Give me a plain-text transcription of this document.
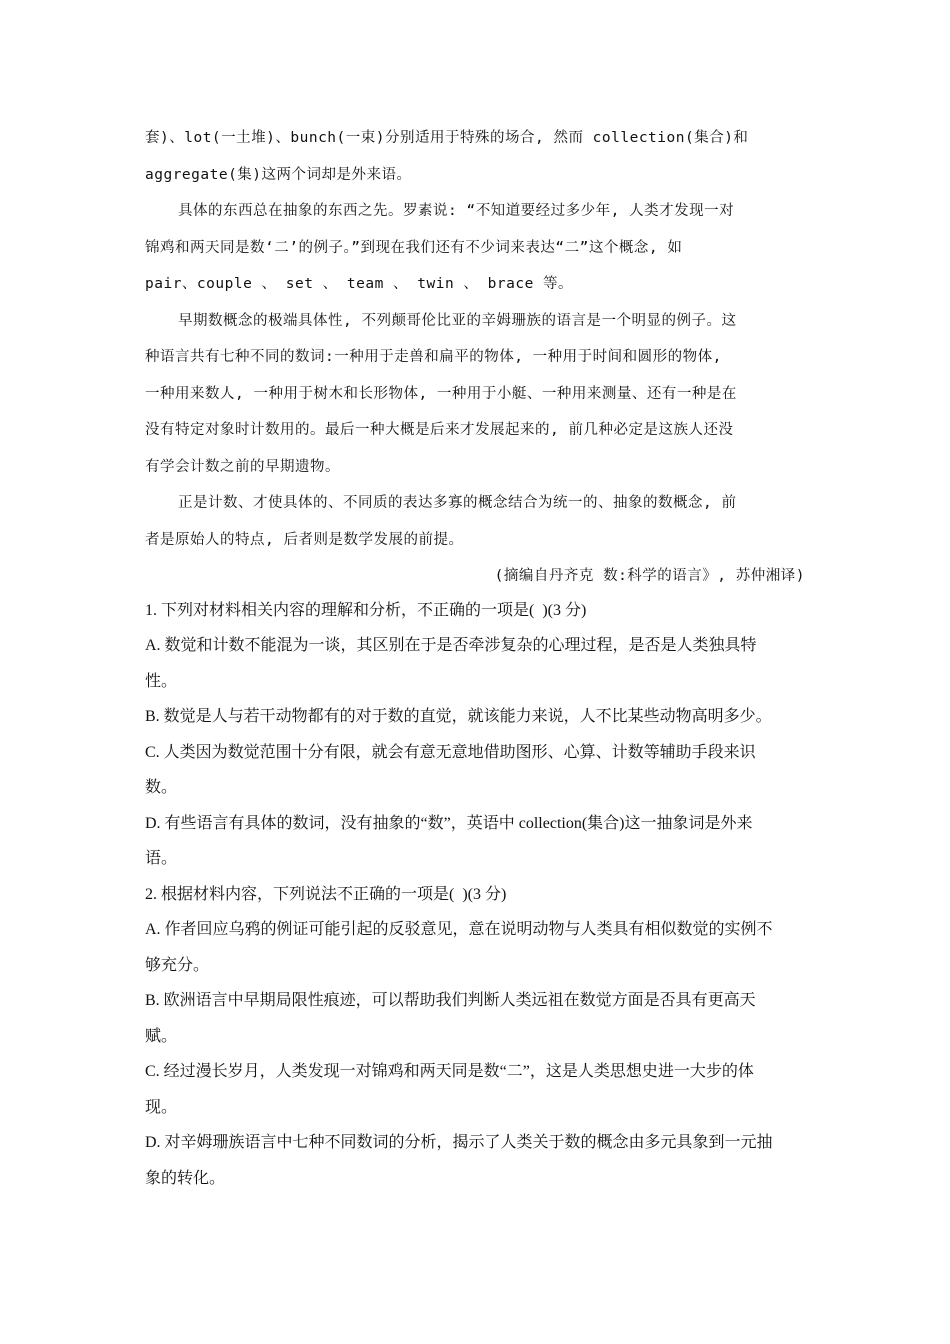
套)、lot(一土堆)、bunch(一束)分别适用于特殊的场合, 然而 collection(集合)和
aggregate(集)这两个词却是外来语。
具体的东西总在抽象的东西之先。罗素说: “不知道要经过多少年, 人类才发现一对
锦鸡和两天同是数‘二’的例子。”到现在我们还有不少词来表达“二”这个概念, 如
pair、couple 、 set 、 team 、 twin 、 brace 等。
早期数概念的极端具体性, 不列颠哥伦比亚的辛姆珊族的语言是一个明显的例子。这
种语言共有七种不同的数词:一种用于走兽和扁平的物体, 一种用于时间和圆形的物体,
一种用来数人, 一种用于树木和长形物体, 一种用于小艇、一种用来测量、还有一种是在
没有特定对象时计数用的。最后一种大概是后来才发展起来的, 前几种必定是这族人还没
有学会计数之前的早期遗物。
正是计数、才使具体的、不同质的表达多寡的概念结合为统一的、抽象的数概念, 前
者是原始人的特点, 后者则是数学发展的前提。
(摘编自丹齐克 数:科学的语言》, 苏仲湘译)
1. 下列对材料相关内容的理解和分析，不正确的一项是(  )(3 分)
A. 数觉和计数不能混为一谈，其区别在于是否牵涉复杂的心理过程，是否是人类独具特
性。
B. 数觉是人与若干动物都有的对于数的直觉，就该能力来说，人不比某些动物高明多少。
C. 人类因为数觉范围十分有限，就会有意无意地借助图形、心算、计数等辅助手段来识
数。
D. 有些语言有具体的数词，没有抽象的“数”，英语中 collection(集合)这一抽象词是外来
语。
2. 根据材料内容，下列说法不正确的一项是(  )(3 分)
A. 作者回应乌鸦的例证可能引起的反驳意见，意在说明动物与人类具有相似数觉的实例不
够充分。
B. 欧洲语言中早期局限性痕迹，可以帮助我们判断人类远祖在数觉方面是否具有更高天
赋。
C. 经过漫长岁月，人类发现一对锦鸡和两天同是数“二”，这是人类思想史进一大步的体
现。
D. 对辛姆珊族语言中七种不同数词的分析，揭示了人类关于数的概念由多元具象到一元抽
象的转化。
